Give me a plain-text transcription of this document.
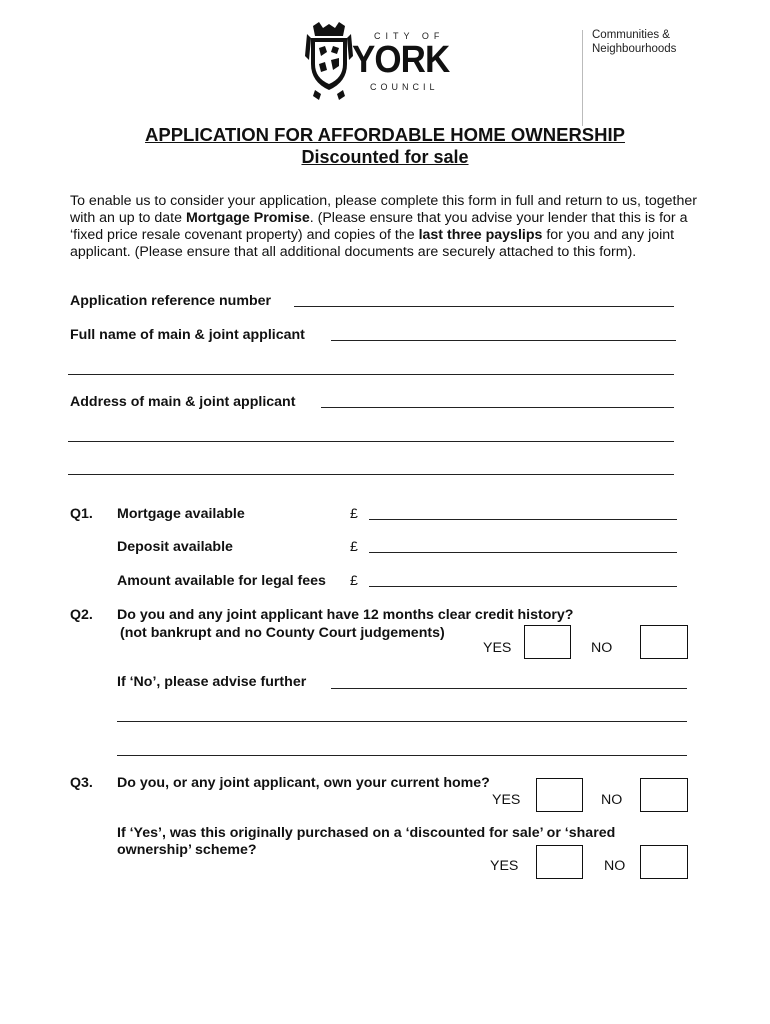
CITY OF
YORK
COUNCIL
Communities &
Neighbourhoods
APPLICATION FOR AFFORDABLE HOME OWNERSHIP
Discounted for sale
To enable us to consider your application, please complete this form in full and return to us, together with an up to date Mortgage Promise. (Please ensure that you advise your lender that this is for a ‘fixed price resale covenant property) and copies of the last three payslips for you and any joint applicant. (Please ensure that all additional documents are securely attached to this form).
Application reference number
Full name of main & joint applicant
Address of main & joint applicant
Q1. Mortgage available	£
Deposit available	£
Amount available for legal fees £
Q2. Do you and any joint applicant have 12 months clear credit history?
(not bankrupt and no County Court judgements)
YES	NO
If ‘No’, please advise further
Q3. Do you, or any joint applicant, own your current home?
YES	NO
If ‘Yes’, was this originally purchased on a ‘discounted for sale’ or ‘shared
ownership’ scheme?
YES	NO
